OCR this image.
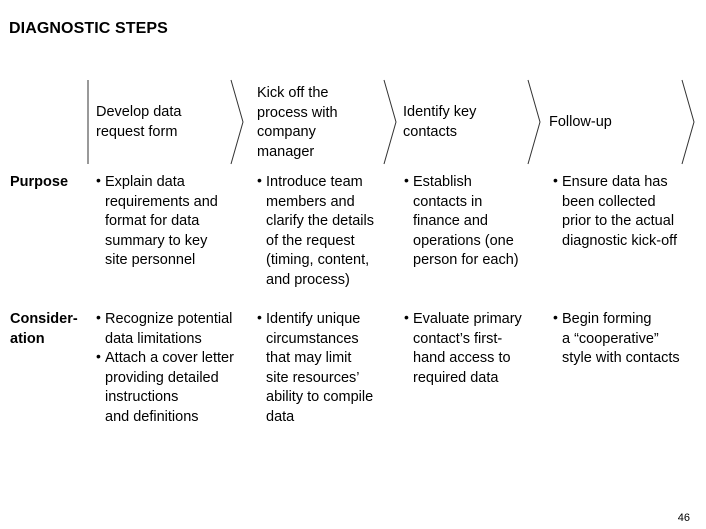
DIAGNOSTIC STEPS
Develop data
request form
Kick off the
process with
company
manager
Identify key
contacts
Follow-up
Purpose
Consider-
ation
• Explain data
requirements and
format for data
summary to key
site personnel
• Introduce team
members and
clarify the details
of the request
(timing, content,
and process)
• Establish
contacts in
finance and
operations (one
person for each)
• Ensure data has
been collected
prior to the actual
diagnostic kick-off
• Recognize potential
data limitations
• Attach a cover letter
providing detailed
instructions
and definitions
• Identify unique
circumstances
that may limit
site resources’
ability to compile
data
• Evaluate primary
contact’s first-
hand access to
required data
• Begin forming
a “cooperative”
style with contacts
46
